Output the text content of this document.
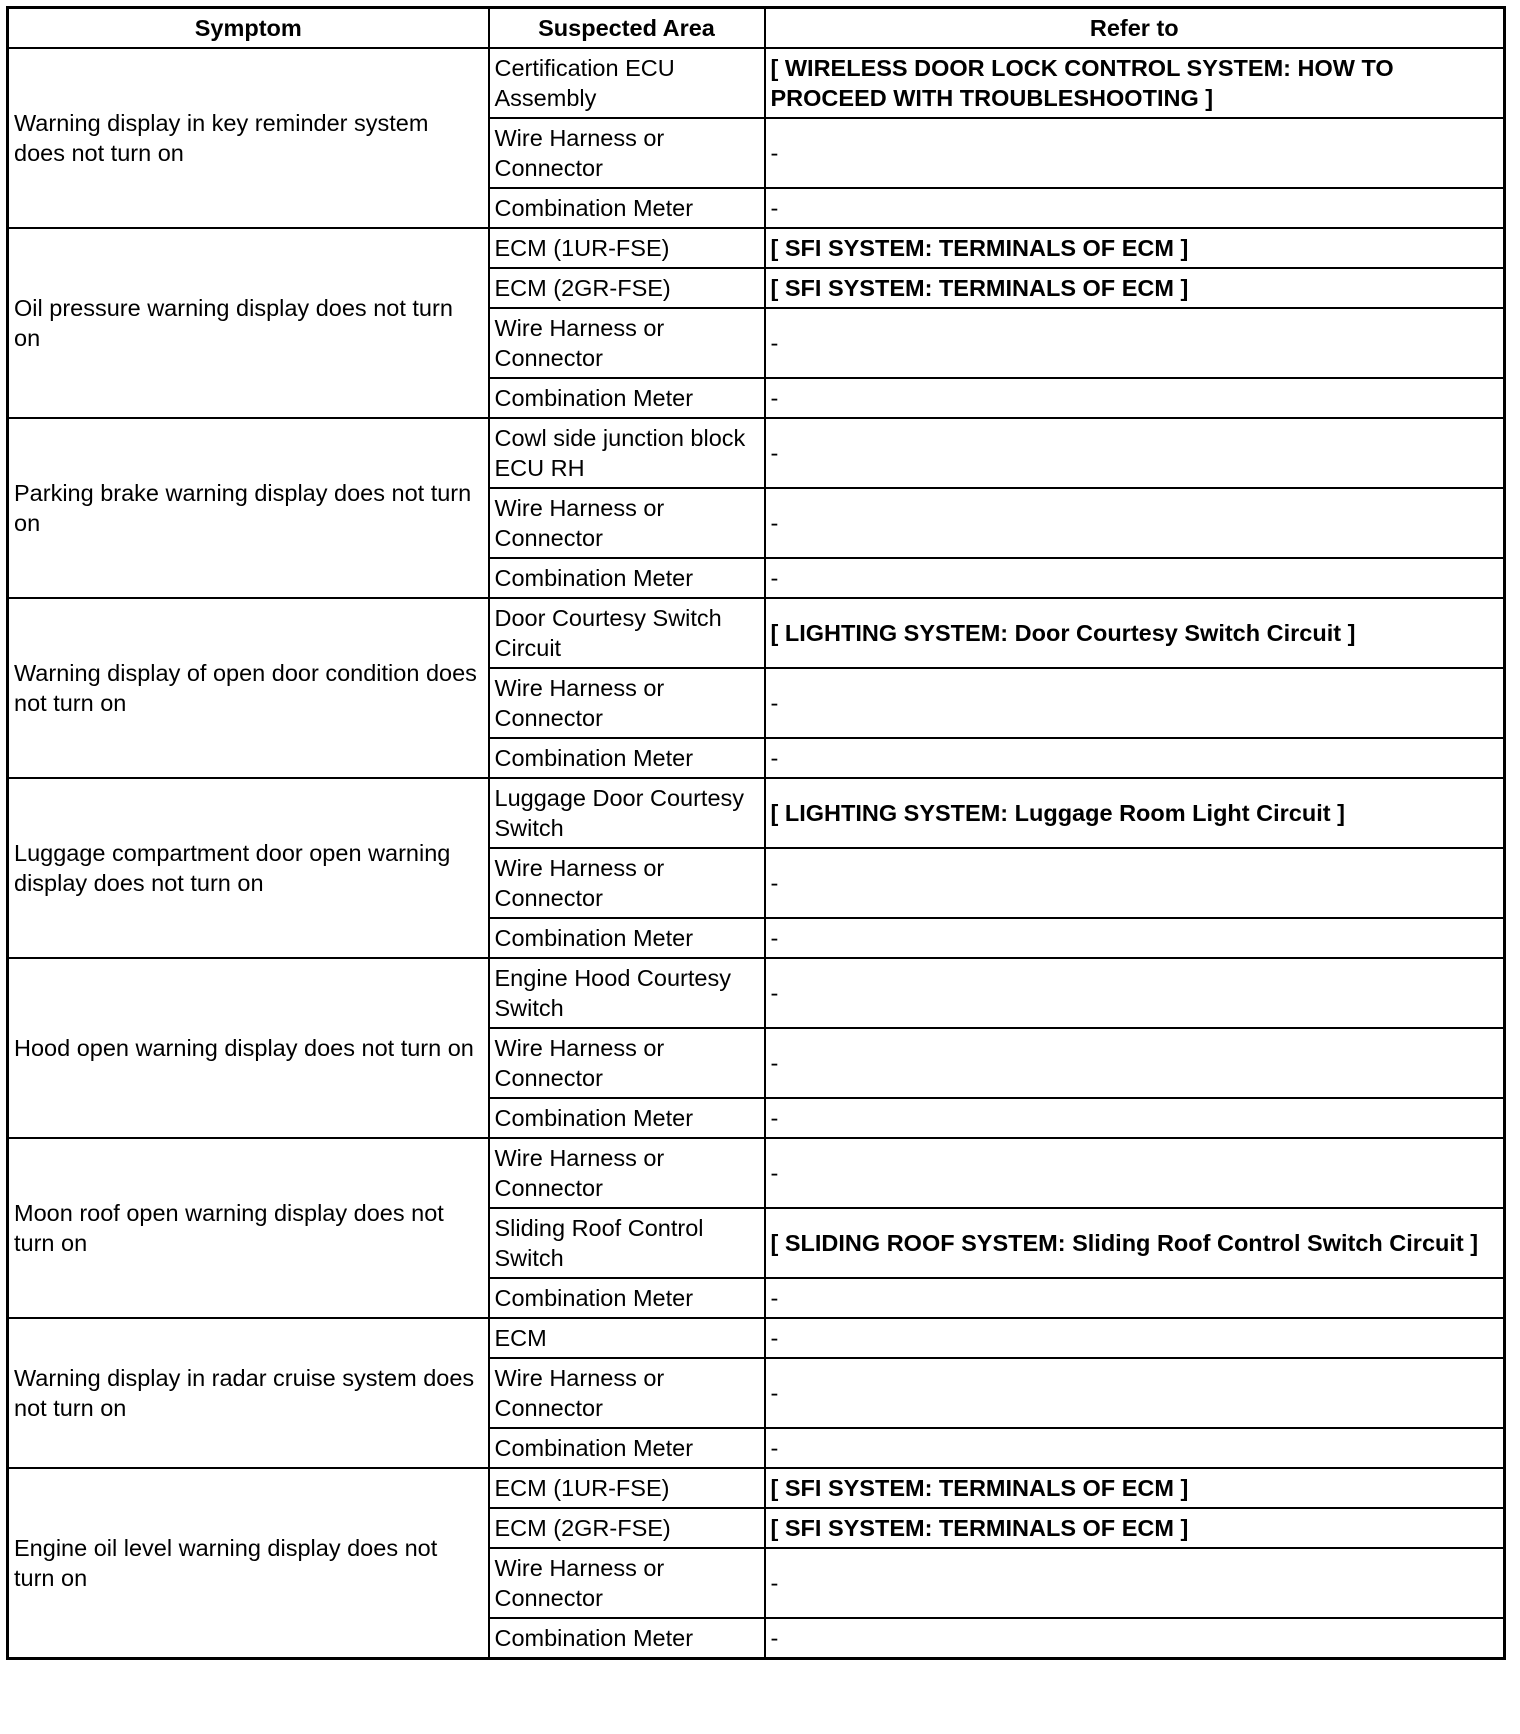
Symptom	Suspected Area	Refer to
Warning display in key reminder system does not turn on	Certification ECU Assembly	[ WIRELESS DOOR LOCK CONTROL SYSTEM: HOW TO PROCEED WITH TROUBLESHOOTING ]
	Wire Harness or Connector	-
	Combination Meter	-
Oil pressure warning display does not turn on	ECM (1UR-FSE)	[ SFI SYSTEM: TERMINALS OF ECM ]
	ECM (2GR-FSE)	[ SFI SYSTEM: TERMINALS OF ECM ]
	Wire Harness or Connector	-
	Combination Meter	-
Parking brake warning display does not turn on	Cowl side junction block ECU RH	-
	Wire Harness or Connector	-
	Combination Meter	-
Warning display of open door condition does not turn on	Door Courtesy Switch Circuit	[ LIGHTING SYSTEM: Door Courtesy Switch Circuit ]
	Wire Harness or Connector	-
	Combination Meter	-
Luggage compartment door open warning display does not turn on	Luggage Door Courtesy Switch	[ LIGHTING SYSTEM: Luggage Room Light Circuit ]
	Wire Harness or Connector	-
	Combination Meter	-
Hood open warning display does not turn on	Engine Hood Courtesy Switch	-
	Wire Harness or Connector	-
	Combination Meter	-
Moon roof open warning display does not turn on	Wire Harness or Connector	-
	Sliding Roof Control Switch	[ SLIDING ROOF SYSTEM: Sliding Roof Control Switch Circuit ]
	Combination Meter	-
Warning display in radar cruise system does not turn on	ECM	-
	Wire Harness or Connector	-
	Combination Meter	-
Engine oil level warning display does not turn on	ECM (1UR-FSE)	[ SFI SYSTEM: TERMINALS OF ECM ]
	ECM (2GR-FSE)	[ SFI SYSTEM: TERMINALS OF ECM ]
	Wire Harness or Connector	-
	Combination Meter	-
